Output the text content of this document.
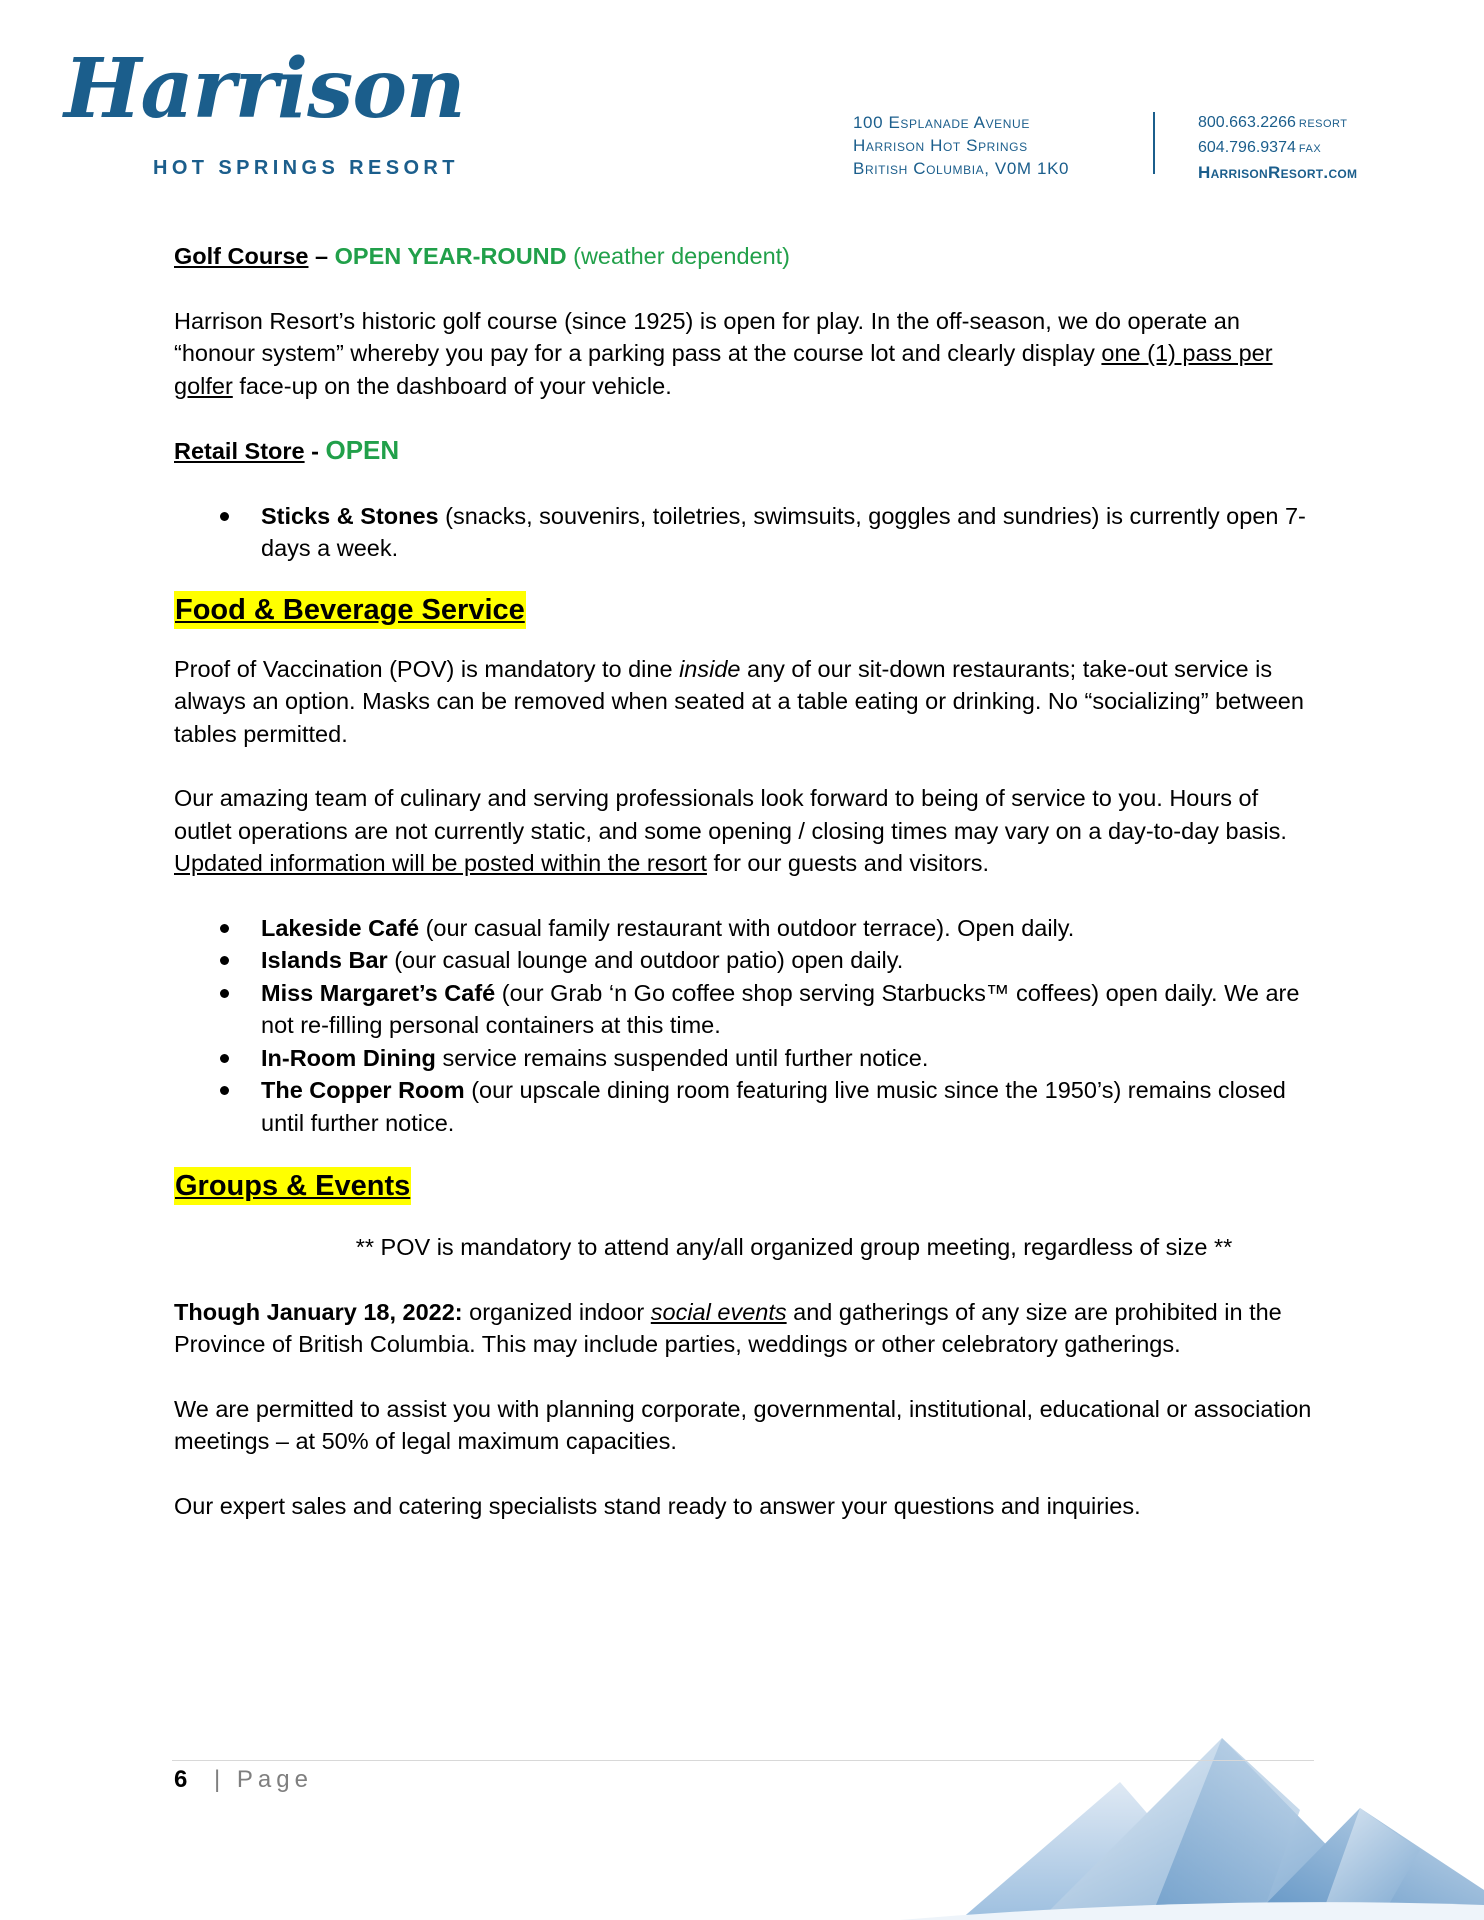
Harrison
HOT SPRINGS RESORT
100 Esplanade Avenue
Harrison Hot Springs
British Columbia, V0M 1K0
800.663.2266 RESORT
604.796.9374 FAX
HarrisonResort.com

Golf Course – OPEN YEAR-ROUND (weather dependent)

Harrison Resort’s historic golf course (since 1925) is open for play. In the off-season, we do operate an “honour system” whereby you pay for a parking pass at the course lot and clearly display one (1) pass per golfer face-up on the dashboard of your vehicle.

Retail Store - OPEN

Sticks & Stones (snacks, souvenirs, toiletries, swimsuits, goggles and sundries) is currently open 7-days a week.
Food & Beverage Service

Proof of Vaccination (POV) is mandatory to dine inside any of our sit-down restaurants; take-out service is always an option. Masks can be removed when seated at a table eating or drinking. No “socializing” between tables permitted.

Our amazing team of culinary and serving professionals look forward to being of service to you. Hours of outlet operations are not currently static, and some opening / closing times may vary on a day-to-day basis. Updated information will be posted within the resort for our guests and visitors.

Lakeside Café (our casual family restaurant with outdoor terrace). Open daily.
Islands Bar (our casual lounge and outdoor patio) open daily.
Miss Margaret’s Café (our Grab ‘n Go coffee shop serving Starbucks™ coffees) open daily. We are not re-filling personal containers at this time.
In-Room Dining service remains suspended until further notice.
The Copper Room (our upscale dining room featuring live music since the 1950’s) remains closed until further notice.
Groups & Events

** POV is mandatory to attend any/all organized group meeting, regardless of size **

Though January 18, 2022: organized indoor social events and gatherings of any size are prohibited in the Province of British Columbia. This may include parties, weddings or other celebratory gatherings.

We are permitted to assist you with planning corporate, governmental, institutional, educational or association meetings – at 50% of legal maximum capacities.

Our expert sales and catering specialists stand ready to answer your questions and inquiries.

6 | Page
